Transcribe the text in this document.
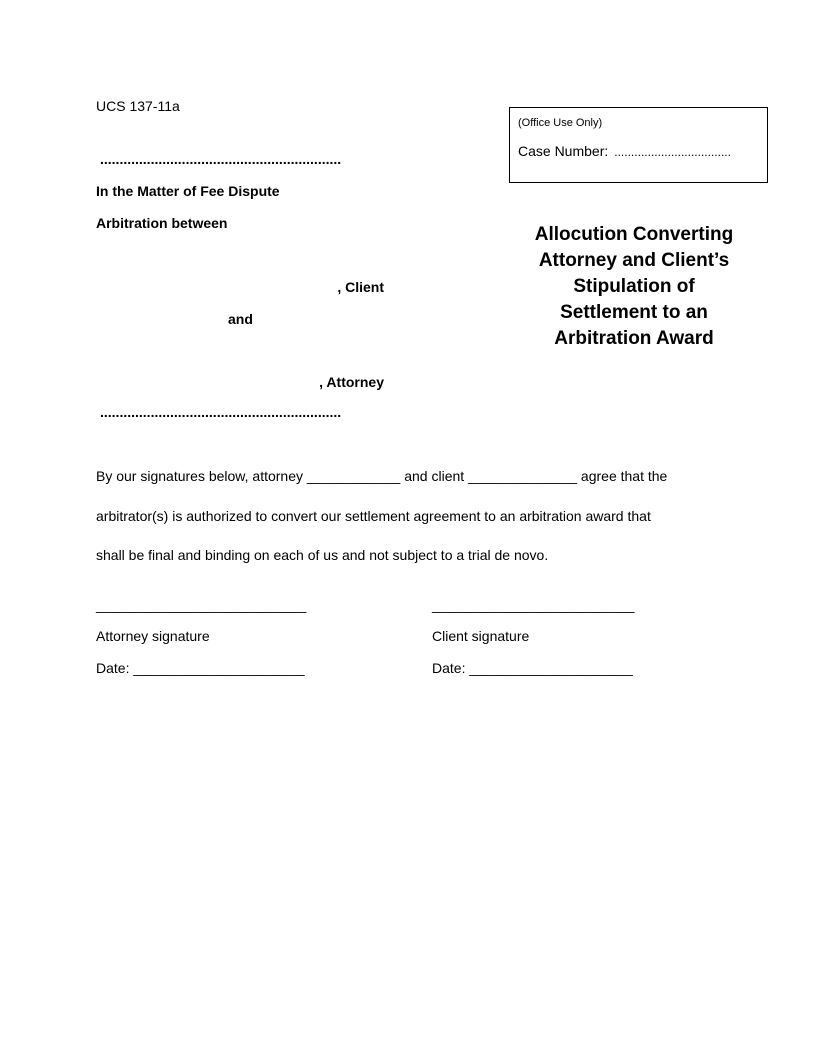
UCS 137-11a
..............................................................
In the Matter of Fee Dispute
Arbitration between
, Client
and
, Attorney
..............................................................
(Office Use Only)
Case Number: ...................................
Allocution Converting
Attorney and Client’s
Stipulation of
Settlement to an
Arbitration Award
By our signatures below, attorney ____________ and client ______________ agree that the
arbitrator(s) is authorized to convert our settlement agreement to an arbitration award that
shall be final and binding on each of us and not subject to a trial de novo.
___________________________	__________________________
Attorney signature	Client signature
Date: ______________________	Date: _____________________
